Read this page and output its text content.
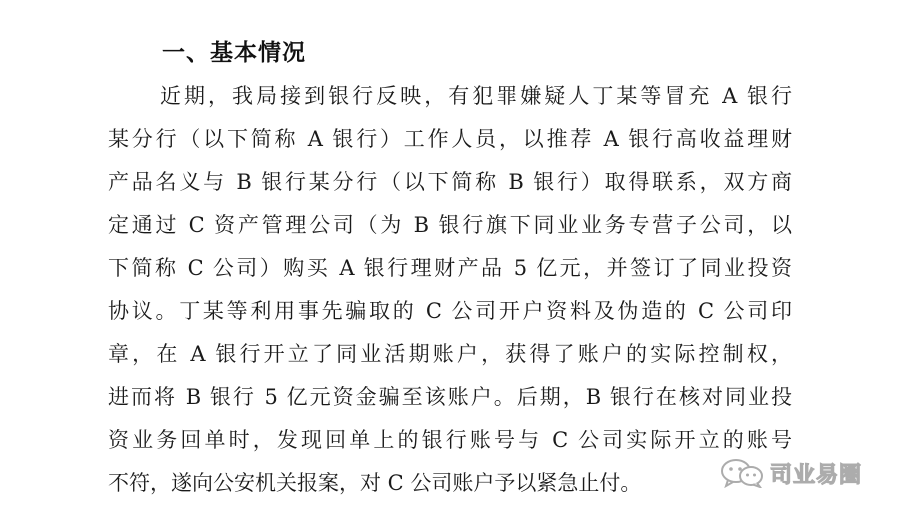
一、基本情况
近期，我局接到银行反映，有犯罪嫌疑人丁某等冒充 A 银行
某分行（以下简称 A 银行）工作人员，以推荐 A 银行高收益理财
产品名义与 B 银行某分行（以下简称 B 银行）取得联系，双方商
定通过 C 资产管理公司（为 B 银行旗下同业业务专营子公司，以
下简称 C 公司）购买 A 银行理财产品 5 亿元，并签订了同业投资
协议。丁某等利用事先骗取的 C 公司开户资料及伪造的 C 公司印
章，在 A 银行开立了同业活期账户，获得了账户的实际控制权，
进而将 B 银行 5 亿元资金骗至该账户。后期，B 银行在核对同业投
资业务回单时，发现回单上的银行账号与 C 公司实际开立的账号
不符，遂向公安机关报案，对 C 公司账户予以紧急止付。	司业易圈
